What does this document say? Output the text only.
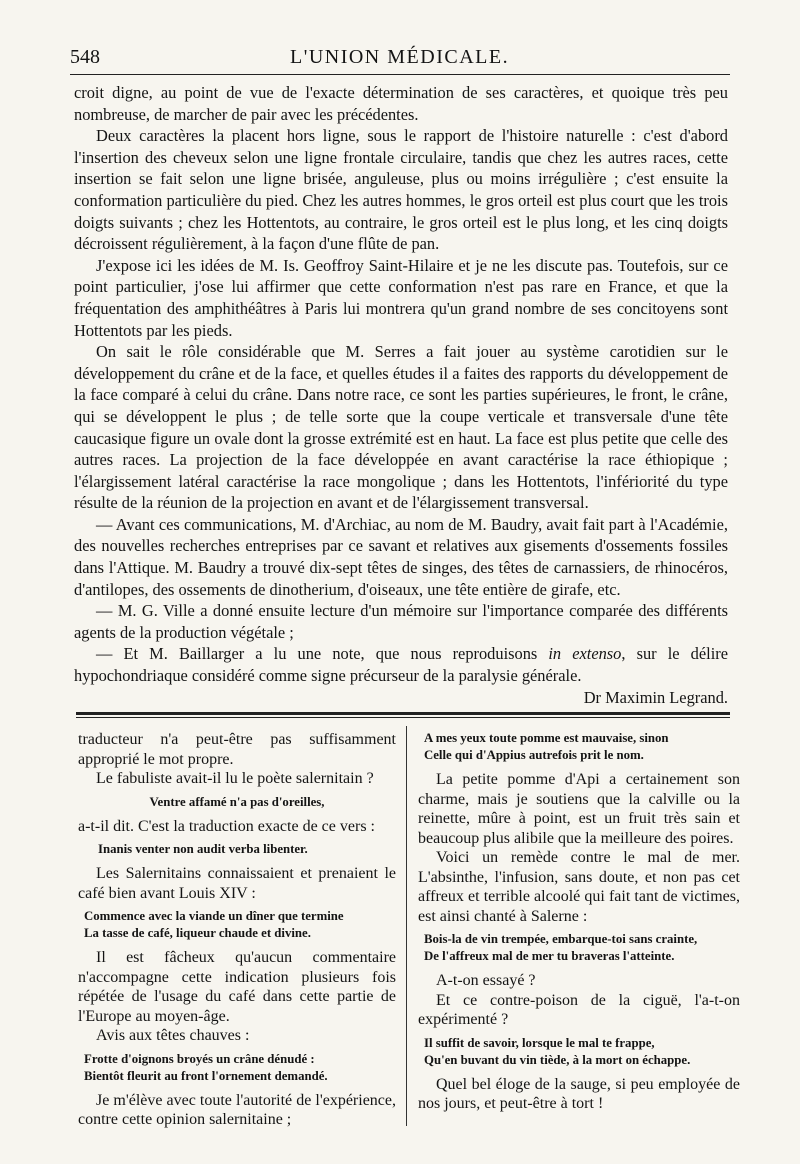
548	L'UNION MÉDICALE.

croit digne, au point de vue de l'exacte détermination de ses caractères, et quoique très peu nombreuse, de marcher de pair avec les précédentes.

Deux caractères la placent hors ligne, sous le rapport de l'histoire naturelle : c'est d'abord l'insertion des cheveux selon une ligne frontale circulaire, tandis que chez les autres races, cette insertion se fait selon une ligne brisée, anguleuse, plus ou moins irrégulière ; c'est ensuite la conformation particulière du pied. Chez les autres hommes, le gros orteil est plus court que les trois doigts suivants ; chez les Hottentots, au contraire, le gros orteil est le plus long, et les cinq doigts décroissent régulièrement, à la façon d'une flûte de pan.

J'expose ici les idées de M. Is. Geoffroy Saint-Hilaire et je ne les discute pas. Toutefois, sur ce point particulier, j'ose lui affirmer que cette conformation n'est pas rare en France, et que la fréquentation des amphithéâtres à Paris lui montrera qu'un grand nombre de ses concitoyens sont Hottentots par les pieds.

On sait le rôle considérable que M. Serres a fait jouer au système carotidien sur le développement du crâne et de la face, et quelles études il a faites des rapports du développement de la face comparé à celui du crâne. Dans notre race, ce sont les parties supérieures, le front, le crâne, qui se développent le plus ; de telle sorte que la coupe verticale et transversale d'une tête caucasique figure un ovale dont la grosse extrémité est en haut. La face est plus petite que celle des autres races. La projection de la face développée en avant caractérise la race éthiopique ; l'élargissement latéral caractérise la race mongolique ; dans les Hottentots, l'infériorité du type résulte de la réunion de la projection en avant et de l'élargissement transversal.

— Avant ces communications, M. d'Archiac, au nom de M. Baudry, avait fait part à l'Académie, des nouvelles recherches entreprises par ce savant et relatives aux gisements d'ossements fossiles dans l'Attique. M. Baudry a trouvé dix-sept têtes de singes, des têtes de carnassiers, de rhinocéros, d'antilopes, des ossements de dinotherium, d'oiseaux, une tête entière de girafe, etc.

— M. G. Ville a donné ensuite lecture d'un mémoire sur l'importance comparée des différents agents de la production végétale ;

— Et M. Baillarger a lu une note, que nous reproduisons in extenso, sur le délire hypochondriaque considéré comme signe précurseur de la paralysie générale.

Dr Maximin Legrand.

traducteur n'a peut-être pas suffisamment approprié le mot propre.

Le fabuliste avait-il lu le poète salernitain ?

Ventre affamé n'a pas d'oreilles,

a-t-il dit. C'est la traduction exacte de ce vers :

Inanis venter non audit verba libenter.

Les Salernitains connaissaient et prenaient le café bien avant Louis XIV :

Commence avec la viande un dîner que termine
La tasse de café, liqueur chaude et divine.

Il est fâcheux qu'aucun commentaire n'accompagne cette indication plusieurs fois répétée de l'usage du café dans cette partie de l'Europe au moyen-âge.

Avis aux têtes chauves :

Frotte d'oignons broyés un crâne dénudé :
Bientôt fleurit au front l'ornement demandé.

Je m'élève avec toute l'autorité de l'expérience, contre cette opinion salernitaine ;

A mes yeux toute pomme est mauvaise, sinon
Celle qui d'Appius autrefois prit le nom.

La petite pomme d'Api a certainement son charme, mais je soutiens que la calville ou la reinette, mûre à point, est un fruit très sain et beaucoup plus alibile que la meilleure des poires.

Voici un remède contre le mal de mer. L'absinthe, l'infusion, sans doute, et non pas cet affreux et terrible alcoolé qui fait tant de victimes, est ainsi chanté à Salerne :

Bois-la de vin trempée, embarque-toi sans crainte,
De l'affreux mal de mer tu braveras l'atteinte.

A-t-on essayé ?

Et ce contre-poison de la ciguë, l'a-t-on expérimenté ?

Il suffit de savoir, lorsque le mal te frappe,
Qu'en buvant du vin tiède, à la mort on échappe.

Quel bel éloge de la sauge, si peu employée de nos jours, et peut-être à tort !
